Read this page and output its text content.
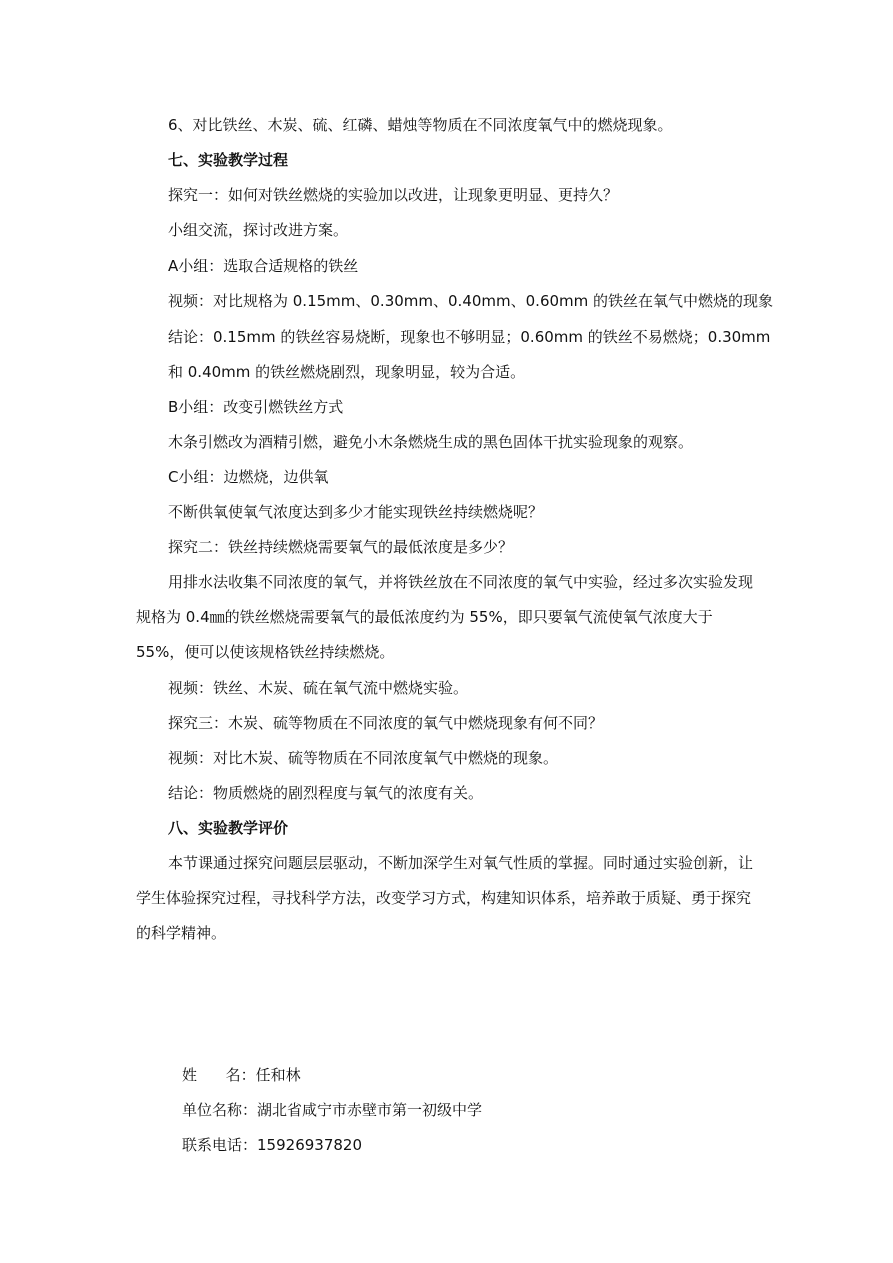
6、对比铁丝、木炭、硫、红磷、蜡烛等物质在不同浓度氧气中的燃烧现象。
七、实验教学过程
探究一：如何对铁丝燃烧的实验加以改进，让现象更明显、更持久？
小组交流，探讨改进方案。
A小组：选取合适规格的铁丝
视频：对比规格为 0.15mm、0.30mm、0.40mm、0.60mm 的铁丝在氧气中燃烧的现象
结论：0.15mm 的铁丝容易烧断，现象也不够明显；0.60mm 的铁丝不易燃烧；0.30mm
和 0.40mm 的铁丝燃烧剧烈，现象明显，较为合适。
B小组：改变引燃铁丝方式
木条引燃改为酒精引燃，避免小木条燃烧生成的黑色固体干扰实验现象的观察。
C小组：边燃烧，边供氧
不断供氧使氧气浓度达到多少才能实现铁丝持续燃烧呢？
探究二：铁丝持续燃烧需要氧气的最低浓度是多少？
用排水法收集不同浓度的氧气，并将铁丝放在不同浓度的氧气中实验，经过多次实验发现规格为 0.4㎜的铁丝燃烧需要氧气的最低浓度约为 55%，即只要氧气流使氧气浓度大于 55%，便可以使该规格铁丝持续燃烧。
视频：铁丝、木炭、硫在氧气流中燃烧实验。
探究三：木炭、硫等物质在不同浓度的氧气中燃烧现象有何不同？
视频：对比木炭、硫等物质在不同浓度氧气中燃烧的现象。
结论：物质燃烧的剧烈程度与氧气的浓度有关。
八、实验教学评价
本节课通过探究问题层层驱动，不断加深学生对氧气性质的掌握。同时通过实验创新，让学生体验探究过程，寻找科学方法，改变学习方式，构建知识体系，培养敢于质疑、勇于探究的科学精神。
姓      名：任和林
单位名称：湖北省咸宁市赤壁市第一初级中学
联系电话：15926937820
